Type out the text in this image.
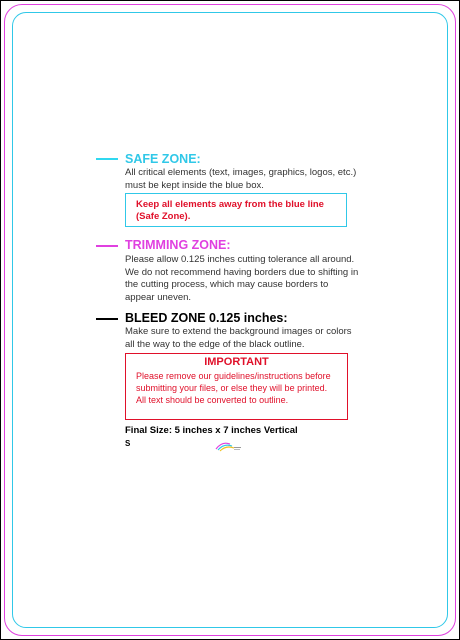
SAFE ZONE:
All critical elements (text, images, graphics, logos, etc.)
must be kept inside the blue box.
Keep all elements away from the blue line
(Safe Zone).
TRIMMING ZONE:
Please allow 0.125 inches cutting tolerance all around.
We do not recommend having borders due to shifting in
the cutting process, which may cause borders to
appear uneven.
BLEED ZONE 0.125 inches:
Make sure to extend the background images or colors
all the way to the edge of the black outline.
IMPORTANT
Please remove our guidelines/instructions before
submitting your files, or else they will be printed.
All text should be converted to outline.
Final Size: 5 inches x 7 inches Vertical
S
